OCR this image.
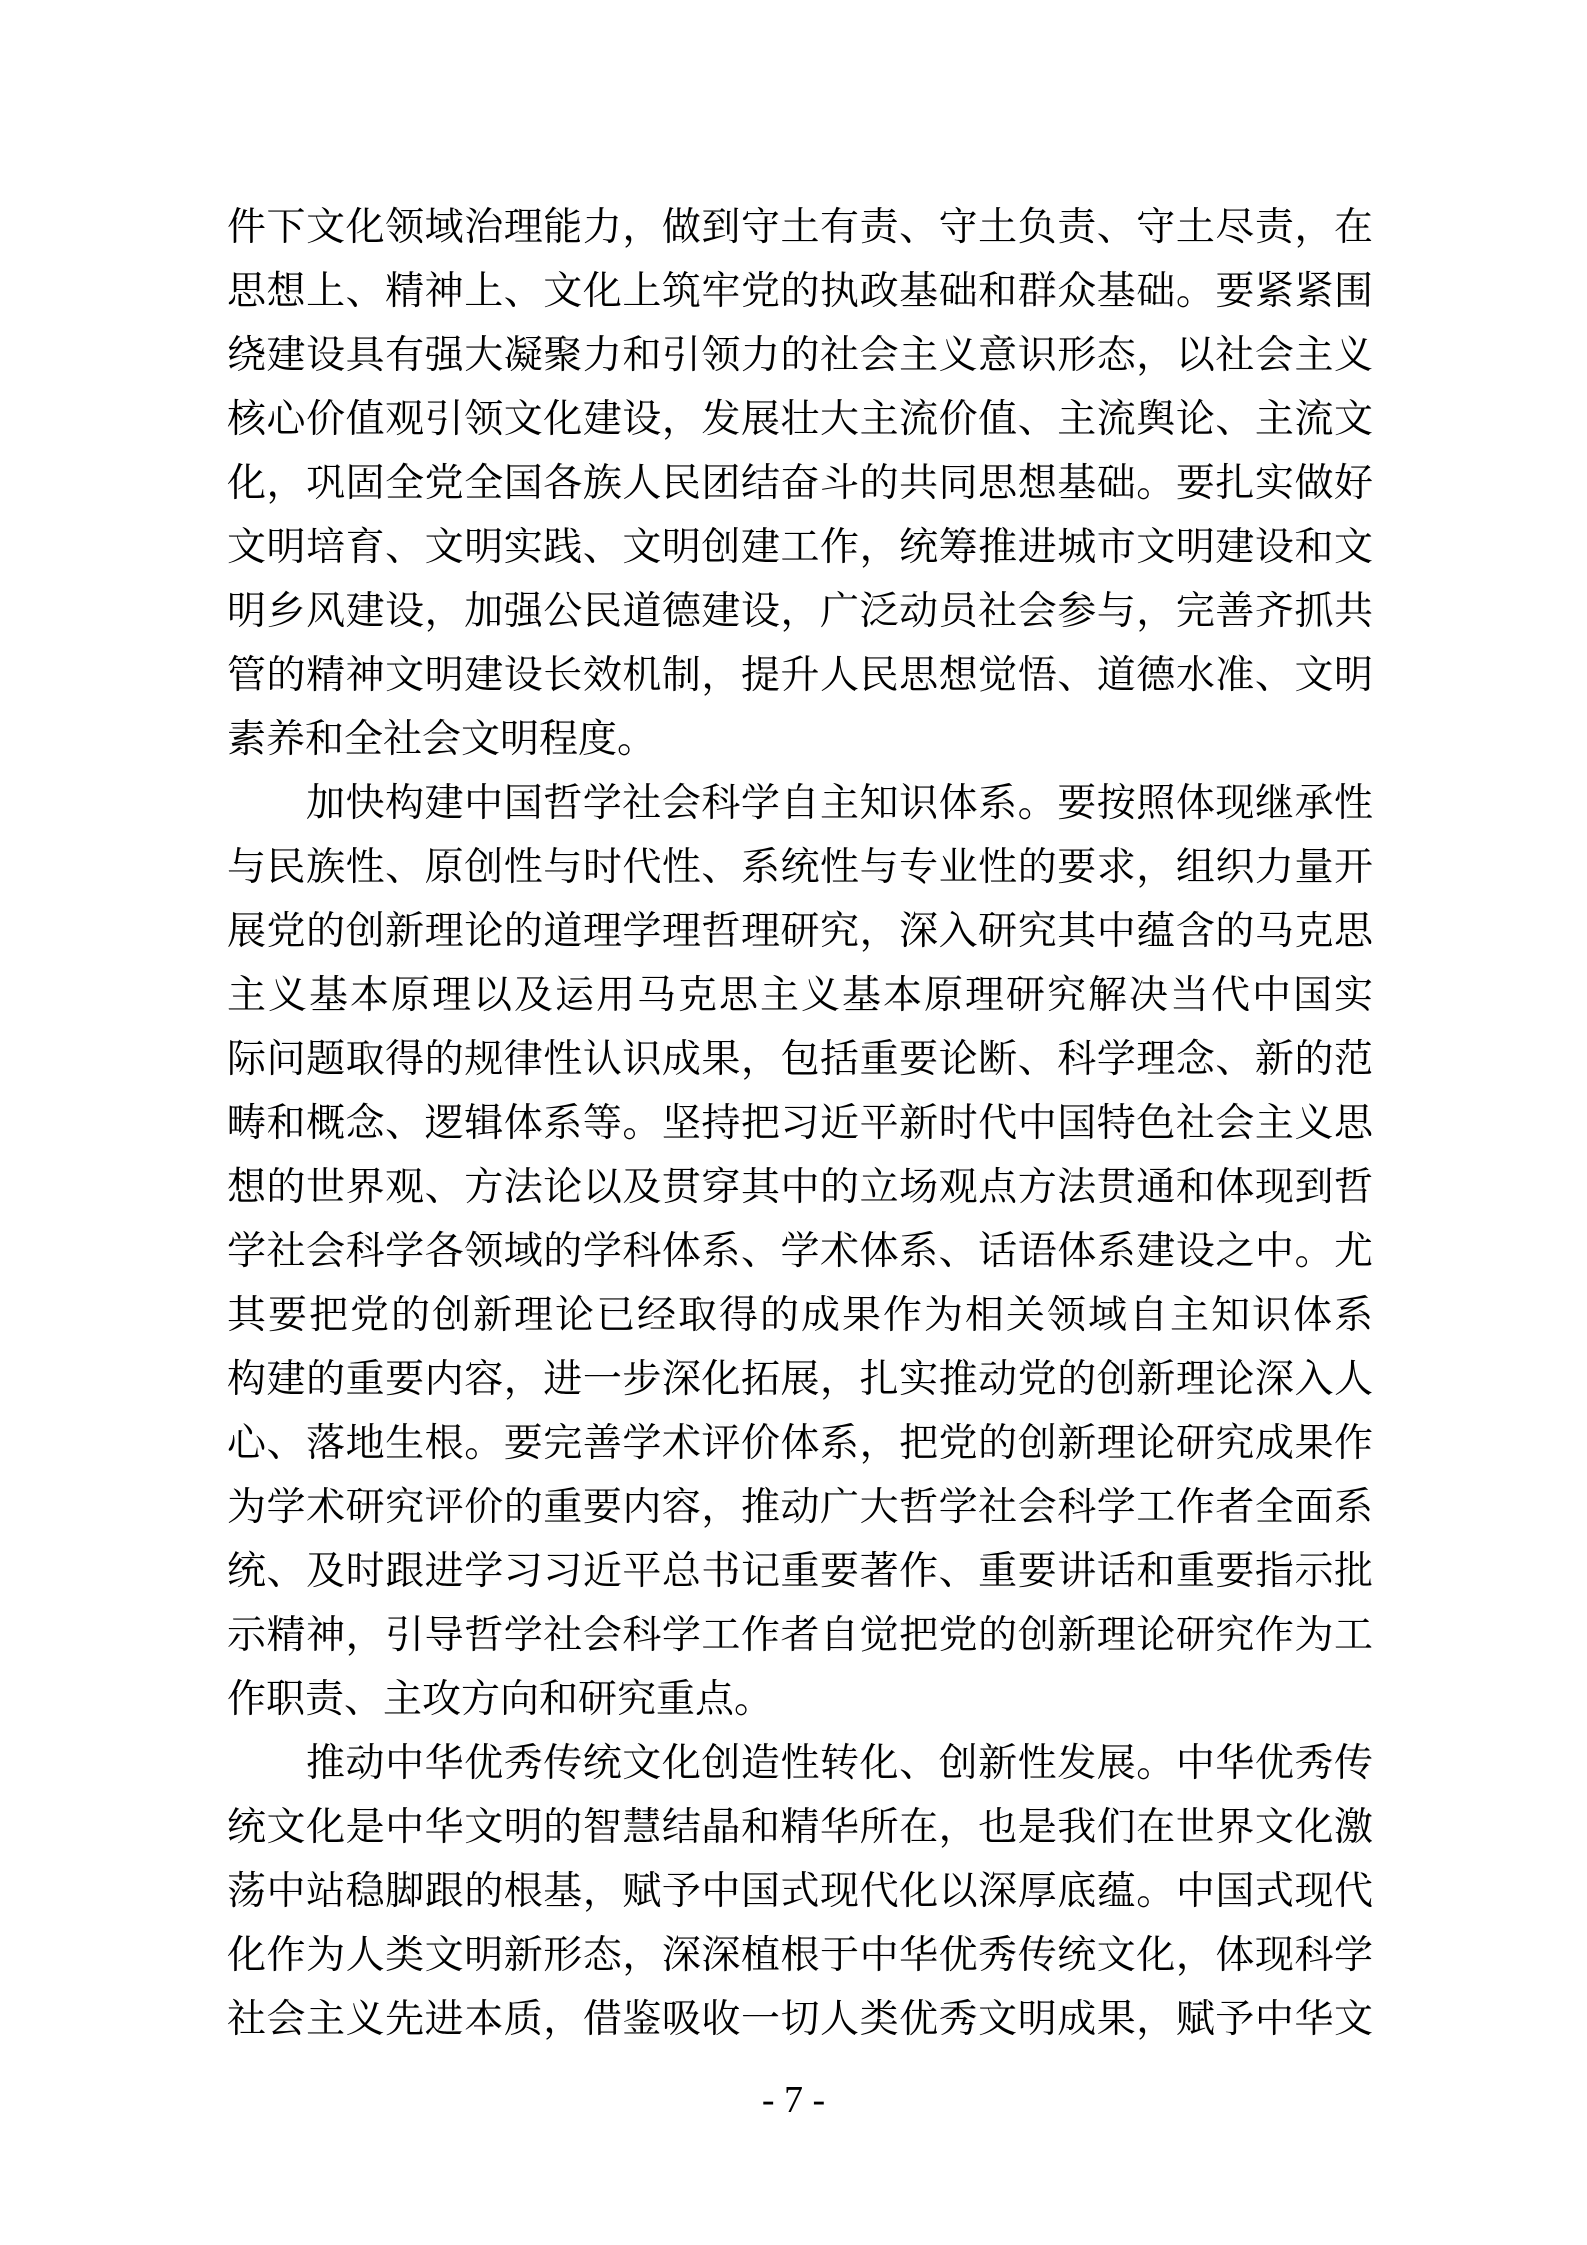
件下文化领域治理能力，做到守土有责、守土负责、守土尽责，在
思想上、精神上、文化上筑牢党的执政基础和群众基础。要紧紧围
绕建设具有强大凝聚力和引领力的社会主义意识形态，以社会主义
核心价值观引领文化建设，发展壮大主流价值、主流舆论、主流文
化，巩固全党全国各族人民团结奋斗的共同思想基础。要扎实做好
文明培育、文明实践、文明创建工作，统筹推进城市文明建设和文
明乡风建设，加强公民道德建设，广泛动员社会参与，完善齐抓共
管的精神文明建设长效机制，提升人民思想觉悟、道德水准、文明
素养和全社会文明程度。
加快构建中国哲学社会科学自主知识体系。要按照体现继承性
与民族性、原创性与时代性、系统性与专业性的要求，组织力量开
展党的创新理论的道理学理哲理研究，深入研究其中蕴含的马克思
主义基本原理以及运用马克思主义基本原理研究解决当代中国实
际问题取得的规律性认识成果，包括重要论断、科学理念、新的范
畴和概念、逻辑体系等。坚持把习近平新时代中国特色社会主义思
想的世界观、方法论以及贯穿其中的立场观点方法贯通和体现到哲
学社会科学各领域的学科体系、学术体系、话语体系建设之中。尤
其要把党的创新理论已经取得的成果作为相关领域自主知识体系
构建的重要内容，进一步深化拓展，扎实推动党的创新理论深入人
心、落地生根。要完善学术评价体系，把党的创新理论研究成果作
为学术研究评价的重要内容，推动广大哲学社会科学工作者全面系
统、及时跟进学习习近平总书记重要著作、重要讲话和重要指示批
示精神，引导哲学社会科学工作者自觉把党的创新理论研究作为工
作职责、主攻方向和研究重点。
推动中华优秀传统文化创造性转化、创新性发展。中华优秀传
统文化是中华文明的智慧结晶和精华所在，也是我们在世界文化激
荡中站稳脚跟的根基，赋予中国式现代化以深厚底蕴。中国式现代
化作为人类文明新形态，深深植根于中华优秀传统文化，体现科学
社会主义先进本质，借鉴吸收一切人类优秀文明成果，赋予中华文
- 7 -
